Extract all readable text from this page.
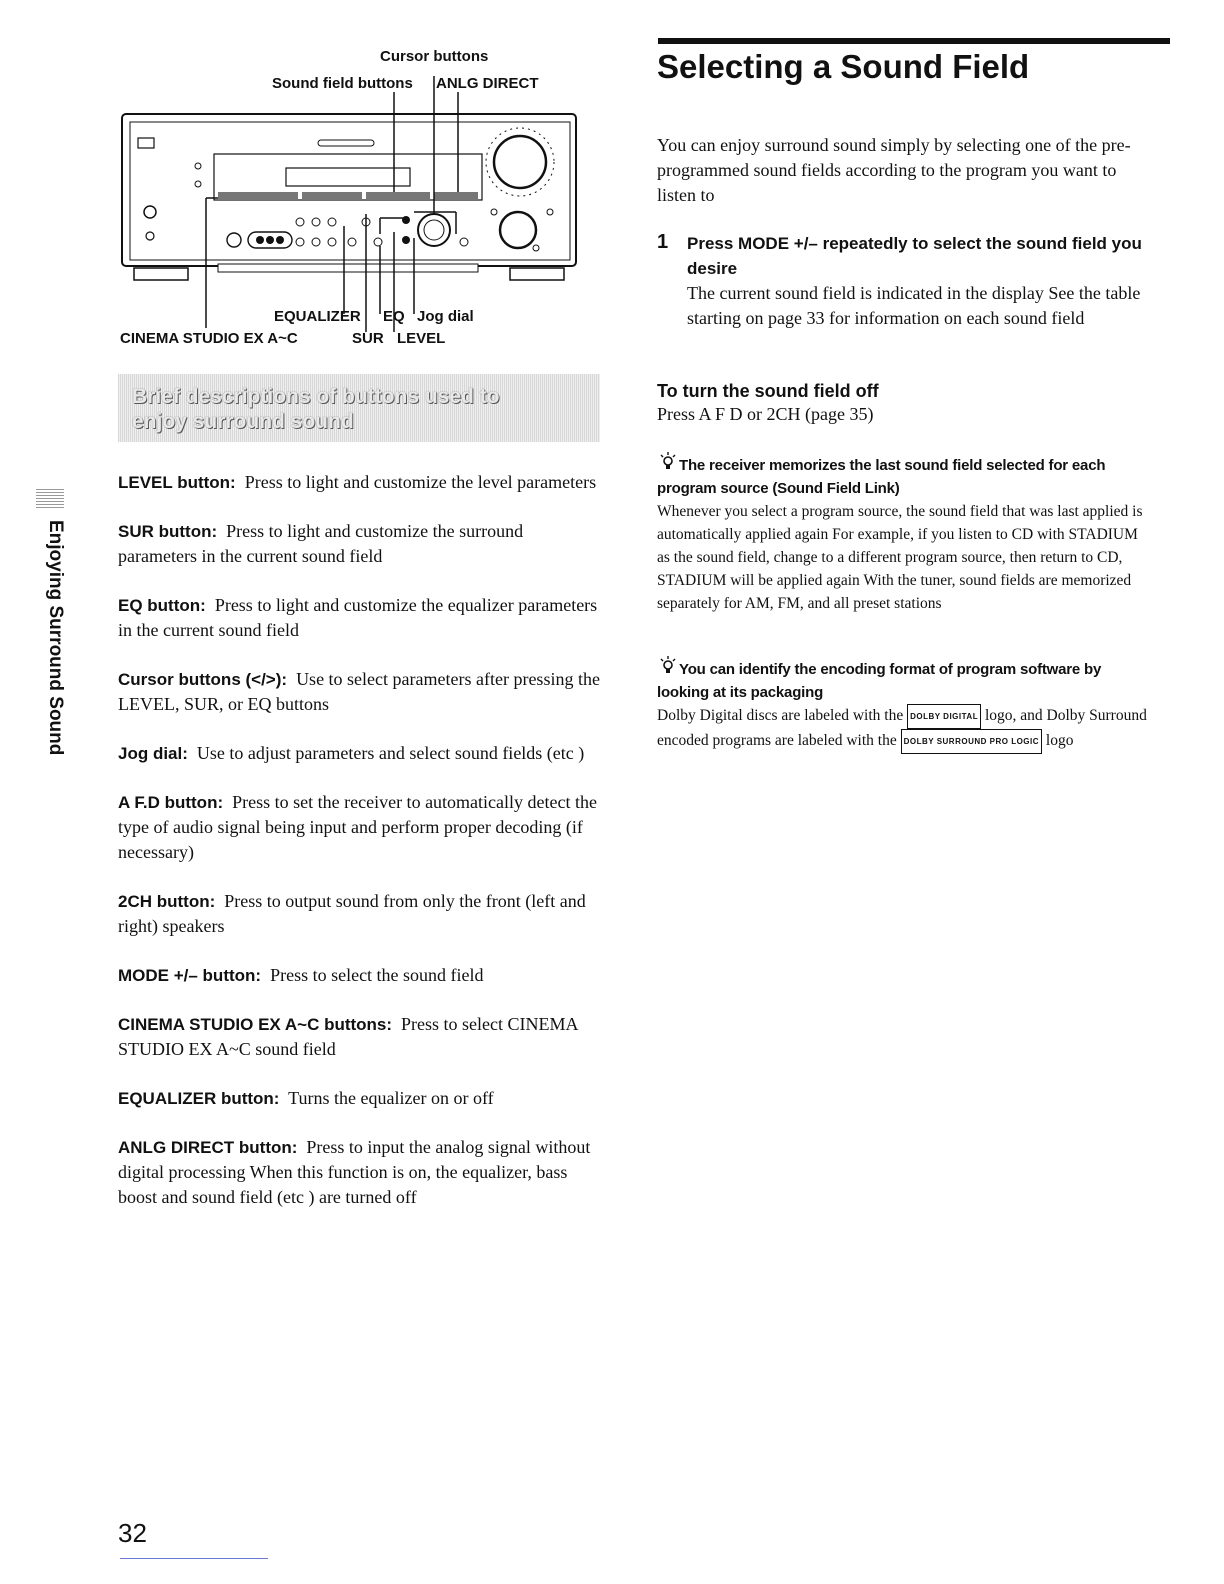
Cursor buttons
Sound field buttons ANLG DIRECT
EQUALIZER EQ Jog dial
CINEMA STUDIO EX A~C	SUR LEVEL
Brief descriptions of buttons used to
enjoy surround sound
Enjoying Surround Sound

LEVEL button: Press to light and customize the level parameters

SUR button: Press to light and customize the surround parameters in the current sound field

EQ button: Press to light and customize the equalizer parameters in the current sound field

Cursor buttons (</>): Use to select parameters after pressing the LEVEL, SUR, or EQ buttons

Jog dial: Use to adjust parameters and select sound fields (etc )

A F.D button: Press to set the receiver to automatically detect the type of audio signal being input and perform proper decoding (if necessary)

2CH button: Press to output sound from only the front (left and right) speakers

MODE +/– button: Press to select the sound field

CINEMA STUDIO EX A~C buttons: Press to select CINEMA STUDIO EX A~C sound field

EQUALIZER button: Turns the equalizer on or off

ANLG DIRECT button: Press to input the analog signal without digital processing When this function is on, the equalizer, bass boost and sound field (etc ) are turned off

Selecting a Sound Field
You can enjoy surround sound simply by selecting one of the pre-programmed sound fields according to the program you want to listen to
1 Press MODE +/– repeatedly to select the sound field you desire
The current sound field is indicated in the display See the table starting on page 33 for information on each sound field
To turn the sound field off
Press A F D or 2CH (page 35)
The receiver memorizes the last sound field selected for each program source (Sound Field Link)
Whenever you select a program source, the sound field that was last applied is automatically applied again For example, if you listen to CD with STADIUM as the sound field, change to a different program source, then return to CD, STADIUM will be applied again With the tuner, sound fields are memorized separately for AM, FM, and all preset stations
You can identify the encoding format of program software by looking at its packaging
Dolby Digital discs are labeled with the DOLBY DIGITAL logo, and Dolby Surround encoded programs are labeled with the DOLBY SURROUND PRO LOGIC logo
32
